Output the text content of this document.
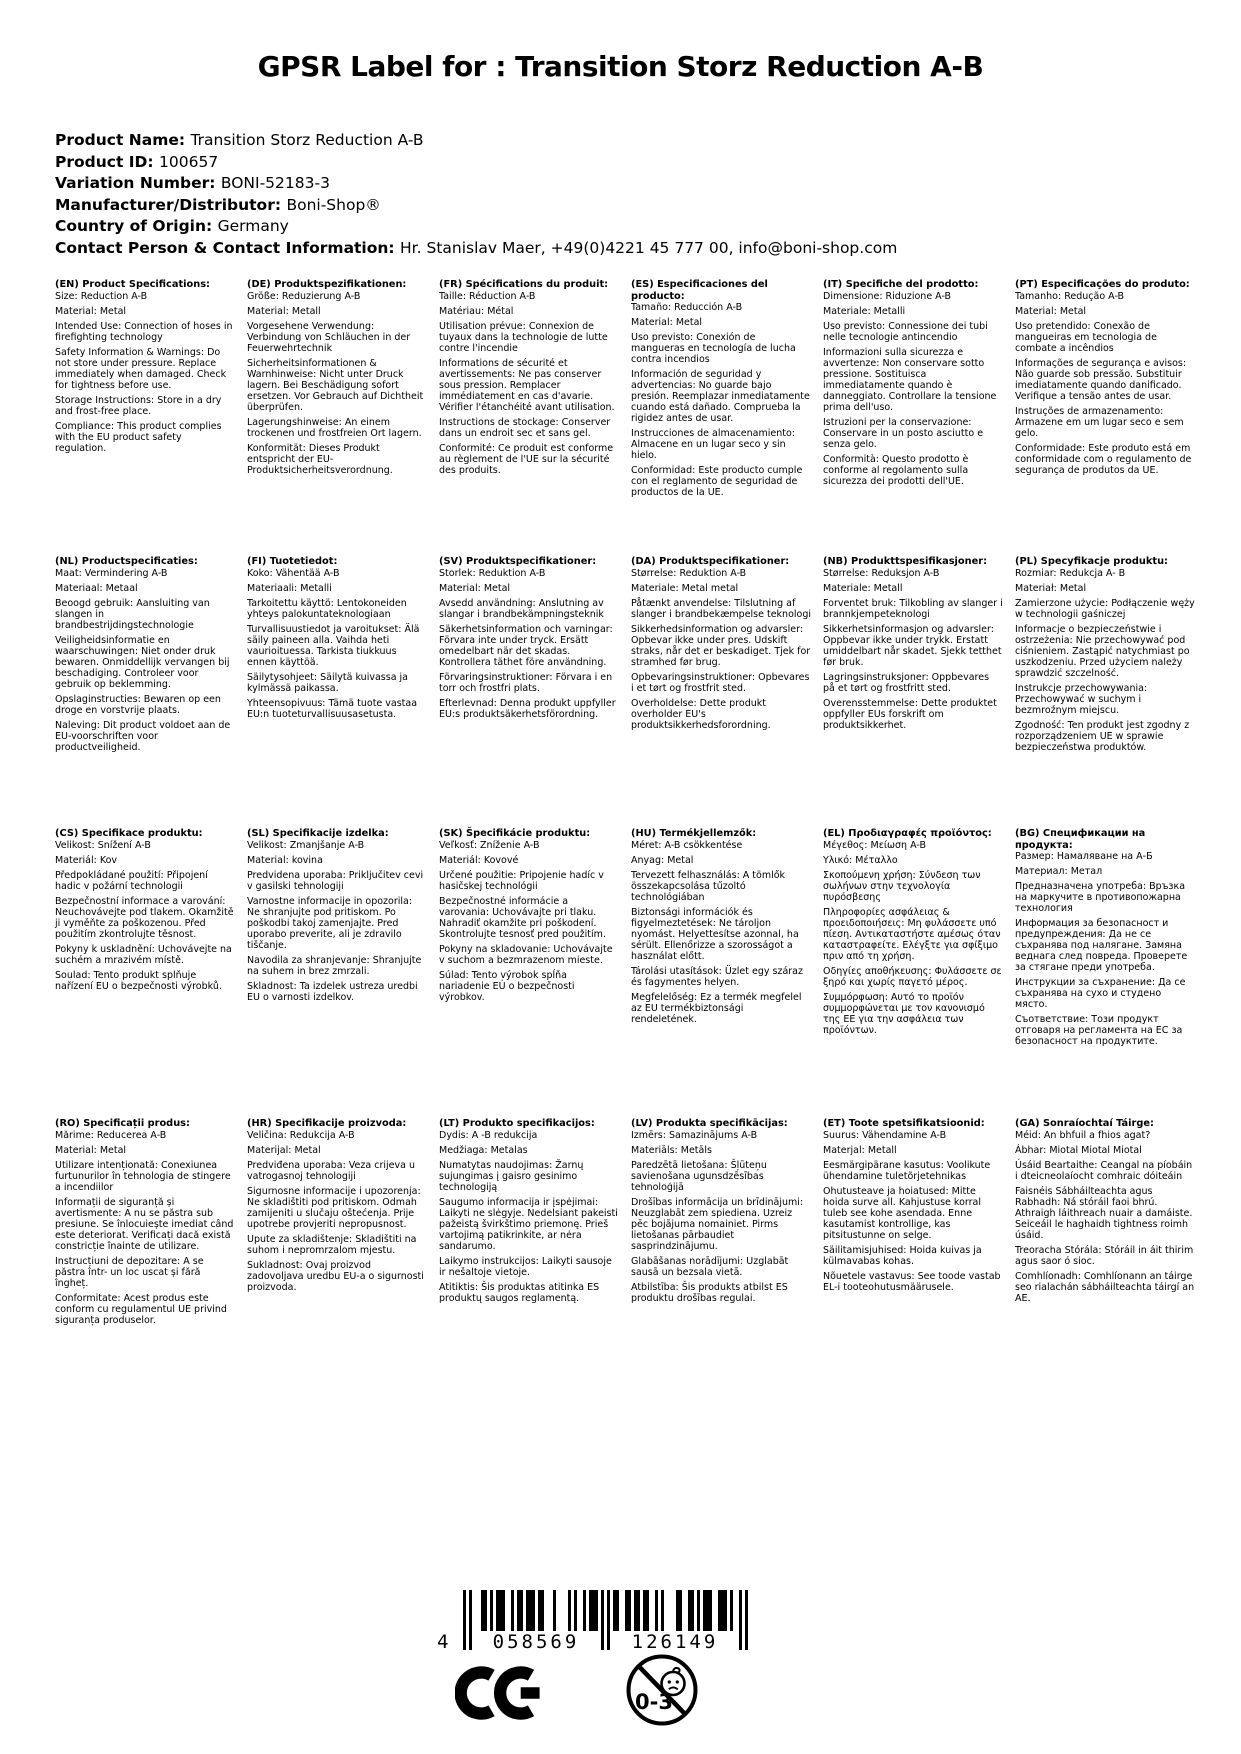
GPSR Label for : Transition Storz Reduction A-B
Product Name: Transition Storz Reduction A-B
Product ID: 100657
Variation Number: BONI-52183-3
Manufacturer/Distributor: Boni-Shop®
Country of Origin: Germany
Contact Person & Contact Information: Hr. Stanislav Maer, +49(0)4221 45 777 00, info@boni-shop.com
(EN) Product Specifications:

Size: Reduction A-B

Material: Metal

Intended Use: Connection of hoses in firefighting technology

Safety Information & Warnings: Do not store under pressure. Replace immediately when damaged. Check for tightness before use.

Storage Instructions: Store in a dry and frost-free place.

Compliance: This product complies with the EU product safety regulation.

(DE) Produktspezifikationen:

Größe: Reduzierung A-B

Material: Metall

Vorgesehene Verwendung: Verbindung von Schläuchen in der Feuerwehrtechnik

Sicherheitsinformationen & Warnhinweise: Nicht unter Druck lagern. Bei Beschädigung sofort ersetzen. Vor Gebrauch auf Dichtheit überprüfen.

Lagerungshinweise: An einem trockenen und frostfreien Ort lagern.

Konformität: Dieses Produkt entspricht der EU-Produktsicherheitsverordnung.

(FR) Spécifications du produit:

Taille: Réduction A-B

Matériau: Métal

Utilisation prévue: Connexion de tuyaux dans la technologie de lutte contre l'incendie

Informations de sécurité et avertissements: Ne pas conserver sous pression. Remplacer immédiatement en cas d'avarie. Vérifier l'étanchéité avant utilisation.

Instructions de stockage: Conserver dans un endroit sec et sans gel.

Conformité: Ce produit est conforme au règlement de l'UE sur la sécurité des produits.

(ES) Especificaciones del producto:

Tamaño: Reducción A-B

Material: Metal

Uso previsto: Conexión de mangueras en tecnología de lucha contra incendios

Información de seguridad y advertencias: No guarde bajo presión. Reemplazar inmediatamente cuando está dañado. Comprueba la rigidez antes de usar.

Instrucciones de almacenamiento: Almacene en un lugar seco y sin hielo.

Conformidad: Este producto cumple con el reglamento de seguridad de productos de la UE.

(IT) Specifiche del prodotto:

Dimensione: Riduzione A-B

Materiale: Metalli

Uso previsto: Connessione dei tubi nelle tecnologie antincendio

Informazioni sulla sicurezza e avvertenze: Non conservare sotto pressione. Sostituisca immediatamente quando è danneggiato. Controllare la tensione prima dell'uso.

Istruzioni per la conservazione: Conservare in un posto asciutto e senza gelo.

Conformità: Questo prodotto è conforme al regolamento sulla sicurezza dei prodotti dell'UE.

(PT) Especificações do produto:

Tamanho: Redução A-B

Material: Metal

Uso pretendido: Conexão de mangueiras em tecnologia de combate a incêndios

Informações de segurança e avisos: Não guarde sob pressão. Substituir imediatamente quando danificado. Verifique a tensão antes de usar.

Instruções de armazenamento: Armazene em um lugar seco e sem gelo.

Conformidade: Este produto está em conformidade com o regulamento de segurança de produtos da UE.

(NL) Productspecificaties:

Maat: Vermindering A-B

Materiaal: Metaal

Beoogd gebruik: Aansluiting van slangen in brandbestrijdingstechnologie

Veiligheidsinformatie en waarschuwingen: Niet onder druk bewaren. Onmiddellijk vervangen bij beschadiging. Controleer voor gebruik op beklemming.

Opslaginstructies: Bewaren op een droge en vorstvrije plaats.

Naleving: Dit product voldoet aan de EU-voorschriften voor productveiligheid.

(FI) Tuotetiedot:

Koko: Vähentää A-B

Materiaali: Metalli

Tarkoitettu käyttö: Lentokoneiden yhteys palokuntateknologiaan

Turvallisuustiedot ja varoitukset: Älä säily paineen alla. Vaihda heti vaurioituessa. Tarkista tiukkuus ennen käyttöä.

Säilytysohjeet: Säilytä kuivassa ja kylmässä paikassa.

Yhteensopivuus: Tämä tuote vastaa EU:n tuoteturvallisuusasetusta.

(SV) Produktspecifikationer:

Storlek: Reduktion A-B

Material: Metal

Avsedd användning: Anslutning av slangar i brandbekämpningsteknik

Säkerhetsinformation och varningar: Förvara inte under tryck. Ersätt omedelbart när det skadas. Kontrollera täthet före användning.

Förvaringsinstruktioner: Förvara i en torr och frostfri plats.

Efterlevnad: Denna produkt uppfyller EU:s produktsäkerhetsförordning.

(DA) Produktspecifikationer:

Størrelse: Reduktion A-B

Materiale: Metal metal

Påtænkt anvendelse: Tilslutning af slanger i brandbekæmpelse teknologi

Sikkerhedsinformation og advarsler: Opbevar ikke under pres. Udskift straks, når det er beskadiget. Tjek for stramhed før brug.

Opbevaringsinstruktioner: Opbevares i et tørt og frostfrit sted.

Overholdelse: Dette produkt overholder EU's produktsikkerhedsforordning.

(NB) Produkttspesifikasjoner:

Størrelse: Reduksjon A-B

Materiale: Metall

Forventet bruk: Tilkobling av slanger i brannkjempeteknologi

Sikkerhetsinformasjon og advarsler: Oppbevar ikke under trykk. Erstatt umiddelbart når skadet. Sjekk tetthet før bruk.

Lagringsinstruksjoner: Oppbevares på et tørt og frostfritt sted.

Overensstemmelse: Dette produktet oppfyller EUs forskrift om produktsikkerhet.

(PL) Specyfikacje produktu:

Rozmiar: Redukcja A- B

Materiał: Metal

Zamierzone użycie: Podłączenie węży w technologii gaśniczej

Informacje o bezpieczeństwie i ostrzeżenia: Nie przechowywać pod ciśnieniem. Zastąpić natychmiast po uszkodzeniu. Przed użyciem należy sprawdzić szczelność.

Instrukcje przechowywania: Przechowywać w suchym i bezmroźnym miejscu.

Zgodność: Ten produkt jest zgodny z rozporządzeniem UE w sprawie bezpieczeństwa produktów.

(CS) Specifikace produktu:

Velikost: Snížení A-B

Materiál: Kov

Předpokládané použití: Připojení hadic v požární technologii

Bezpečnostní informace a varování: Neuchovávejte pod tlakem. Okamžitě ji vyměňte za poškozenou. Před použitím zkontrolujte těsnost.

Pokyny k uskladnění: Uchovávejte na suchém a mrazivém místě.

Soulad: Tento produkt splňuje nařízení EU o bezpečnosti výrobků.

(SL) Specifikacije izdelka:

Velikost: Zmanjšanje A-B

Material: kovina

Predvidena uporaba: Priključitev cevi v gasilski tehnologiji

Varnostne informacije in opozorila: Ne shranjujte pod pritiskom. Po poškodbi takoj zamenjajte. Pred uporabo preverite, ali je zdravilo tiščanje.

Navodila za shranjevanje: Shranjujte na suhem in brez zmrzali.

Skladnost: Ta izdelek ustreza uredbi EU o varnosti izdelkov.

(SK) Špecifikácie produktu:

Veľkosť: Zníženie A-B

Materiál: Kovové

Určené použitie: Pripojenie hadíc v hasičskej technológii

Bezpečnostné informácie a varovania: Uchovávajte pri tlaku. Nahradiť okamžite pri poškodení. Skontrolujte tesnosť pred použitím.

Pokyny na skladovanie: Uchovávajte v suchom a bezmrazenom mieste.

Súlad: Tento výrobok spĺňa nariadenie EÚ o bezpečnosti výrobkov.

(HU) Termékjellemzők:

Méret: A-B csökkentése

Anyag: Metal

Tervezett felhasználás: A tömlők összekapcsolása tűzoltó technológiában

Biztonsági információk és figyelmeztetések: Ne tároljon nyomást. Helyettesítse azonnal, ha sérült. Ellenőrizze a szorosságot a használat előtt.

Tárolási utasítások: Üzlet egy száraz és fagymentes helyen.

Megfelelőség: Ez a termék megfelel az EU termékbiztonsági rendeletének.

(EL) Προδιαγραφές προϊόντος:

Μέγεθος: Μείωση A-B

Υλικό: Μέταλλο

Σκοπούμενη χρήση: Σύνδεση των σωλήνων στην τεχνολογία πυρόσβεσης

Πληροφορίες ασφάλειας & προειδοποιήσεις: Μη φυλάσσετε υπό πίεση. Αντικαταστήστε αμέσως όταν καταστραφείτε. Ελέγξτε για σφίξιμο πριν από τη χρήση.

Οδηγίες αποθήκευσης: Φυλάσσετε σε ξηρό και χωρίς παγετό μέρος.

Συμμόρφωση: Αυτό το προϊόν συμμορφώνεται με τον κανονισμό της ΕΕ για την ασφάλεια των προϊόντων.

(BG) Спецификации на продукта:

Размер: Намаляване на А-Б

Материал: Метал

Предназначена употреба: Връзка на маркучите в противопожарна технология

Информация за безопасност и предупреждения: Да не се съхранява под налягане. Замяна веднага след повреда. Проверете за стягане преди употреба.

Инструкции за съхранение: Да се съхранява на сухо и студено място.

Съответствие: Този продукт отговаря на регламента на ЕС за безопасност на продуктите.

(RO) Specificații produs:

Mărime: Reducerea A-B

Material: Metal

Utilizare intenționată: Conexiunea furtunurilor în tehnologia de stingere a incendiilor

Informații de siguranță și avertismente: A nu se păstra sub presiune. Se înlocuiește imediat când este deteriorat. Verificați dacă există constricție înainte de utilizare.

Instrucțiuni de depozitare: A se păstra într- un loc uscat și fără îngheț.

Conformitate: Acest produs este conform cu regulamentul UE privind siguranța produselor.

(HR) Specifikacije proizvoda:

Veličina: Redukcija A-B

Materijal: Metal

Predviđena uporaba: Veza crijeva u vatrogasnoj tehnologiji

Sigurnosne informacije i upozorenja: Ne skladištiti pod pritiskom. Odmah zamijeniti u slučaju oštećenja. Prije upotrebe provjeriti nepropusnost.

Upute za skladištenje: Skladištiti na suhom i nepromrzalom mjestu.

Sukladnost: Ovaj proizvod zadovoljava uredbu EU-a o sigurnosti proizvoda.

(LT) Produkto specifikacijos:

Dydis: A -B redukcija

Medžiaga: Metalas

Numatytas naudojimas: Žarnų sujungimas į gaisro gesinimo technologiją

Saugumo informacija ir įspėjimai: Laikyti ne slėgyje. Nedelsiant pakeisti pažeistą švirkštimo priemonę. Prieš vartojimą patikrinkite, ar nėra sandarumo.

Laikymo instrukcijos: Laikyti sausoje ir nešaltoje vietoje.

Atitiktis: Šis produktas atitinka ES produktų saugos reglamentą.

(LV) Produkta specifikācijas:

Izmērs: Samazinājums A-B

Materiāls: Metāls

Paredzētā lietošana: Šļūteņu savienošana ugunsdzēsības tehnoloģijā

Drošības informācija un brīdinājumi: Neuzglabāt zem spiediena. Uzreiz pēc bojājuma nomainiet. Pirms lietošanas pārbaudiet sasprindzinājumu.

Glabāšanas norādījumi: Uzglabāt sausā un bezsala vietā.

Atbilstība: Šis produkts atbilst ES produktu drošības regulai.

(ET) Toote spetsifikatsioonid:

Suurus: Vähendamine A-B

Materjal: Metall

Eesmärgipärane kasutus: Voolikute ühendamine tuletõrjetehnikas

Ohutusteave ja hoiatused: Mitte hoida surve all. Kahjustuse korral tuleb see kohe asendada. Enne kasutamist kontrollige, kas pitsitustunne on selge.

Säilitamisjuhised: Hoida kuivas ja külmavabas kohas.

Nõuetele vastavus: See toode vastab EL-i tooteohutusmäärusele.

(GA) Sonraíochtaí Táirge:

Méid: An bhfuil a fhios agat?

Ábhar: Miotal Miotal Miotal

Úsáid Beartaithe: Ceangal na píobáin i dteicneolaíocht comhraic dóiteáin

Faisnéis Sábháilteachta agus Rabhadh: Ná stóráil faoi bhrú. Athraigh láithreach nuair a damáiste. Seiceáil le haghaidh tightness roimh úsáid.

Treoracha Stórála: Stóráil in áit thirim agus saor ó sioc.

Comhlíonadh: Comhlíonann an táirge seo rialachán sábháilteachta táirgí an AE.

4	058569	126149
0-3
